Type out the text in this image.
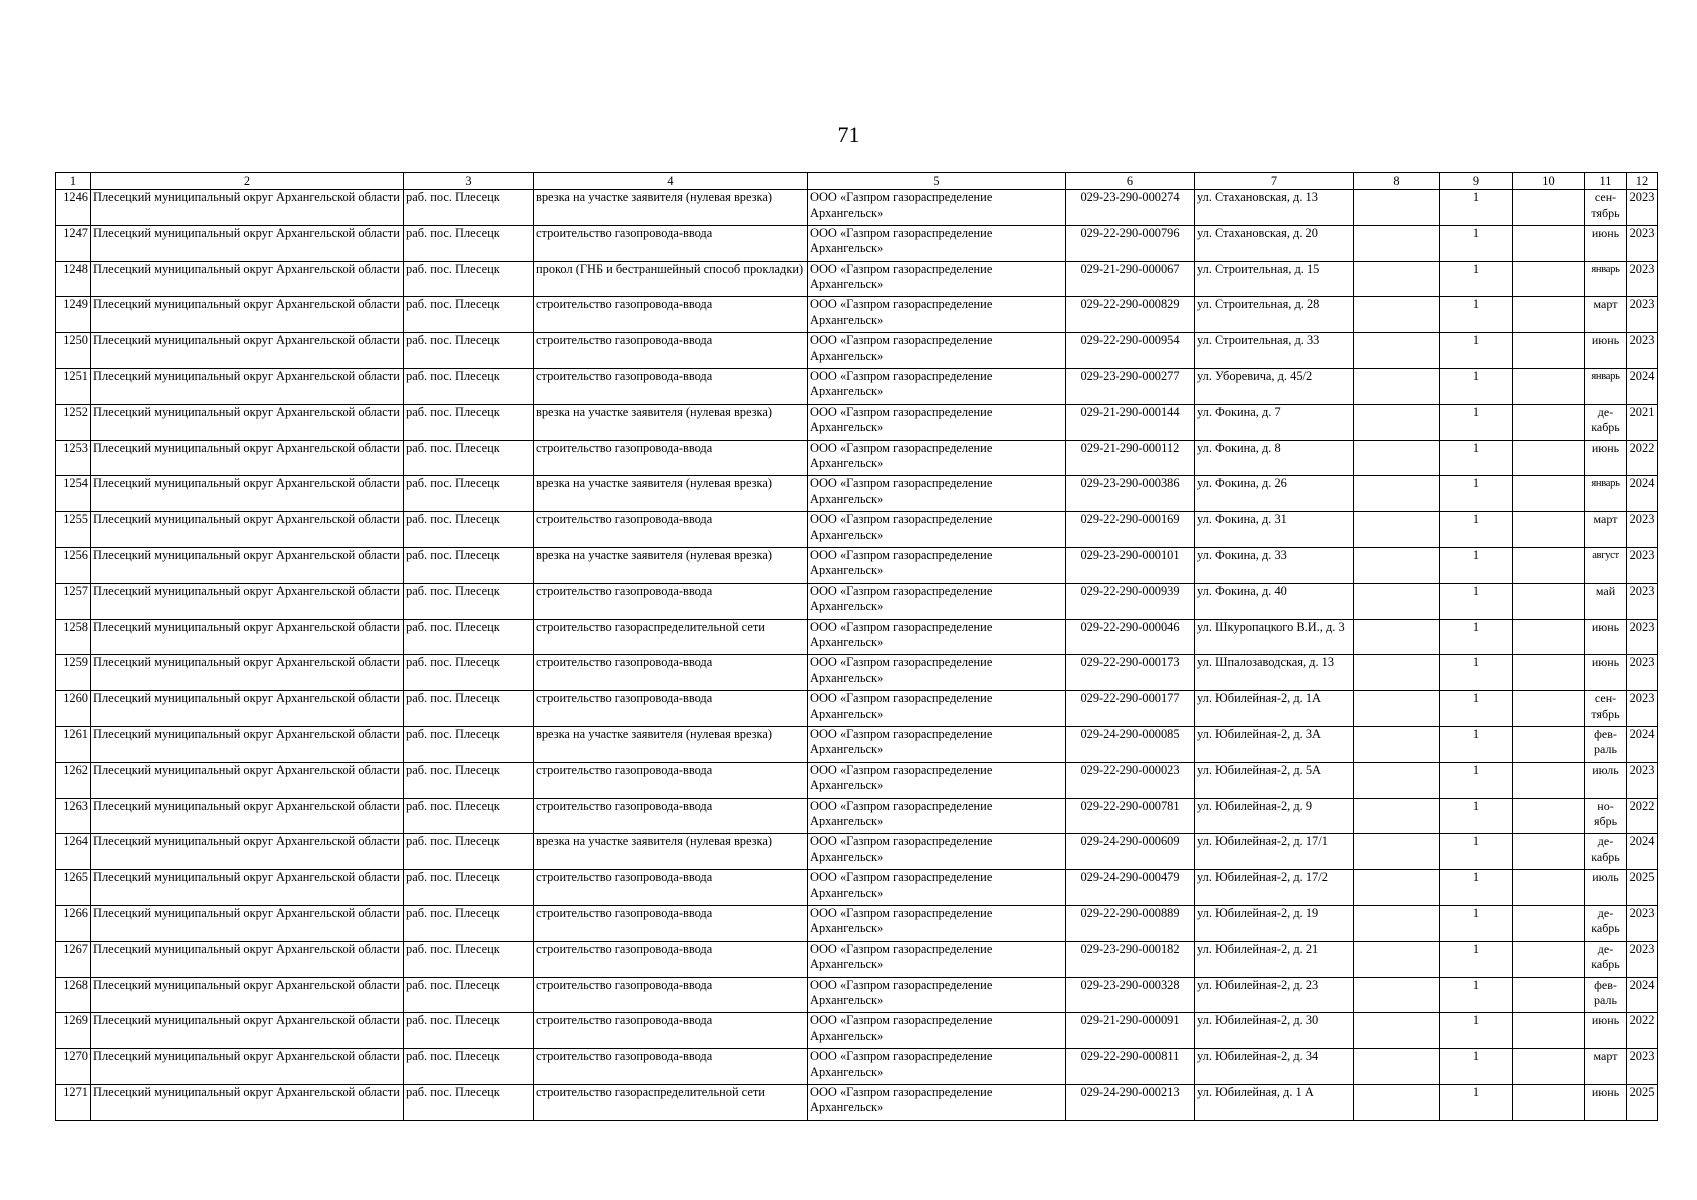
71
1	2	3	4	5	6	7	8	9	10	11	12
1246	Плесецкий муниципальный округ Архангельской области	раб. пос. Плесецк	врезка на участке заявителя (нулевая врезка)	ООО «Газпром газораспределение Архангельск»	029-23-290-000274	ул. Стахановская, д. 13		1		сен-тябрь	2023
1247	Плесецкий муниципальный округ Архангельской области	раб. пос. Плесецк	строительство газопровода-ввода	ООО «Газпром газораспределение Архангельск»	029-22-290-000796	ул. Стахановская, д. 20		1		июнь	2023
1248	Плесецкий муниципальный округ Архангельской области	раб. пос. Плесецк	прокол (ГНБ и бестраншейный способ прокладки)	ООО «Газпром газораспределение Архангельск»	029-21-290-000067	ул. Строительная, д. 15		1		январь	2023
1249	Плесецкий муниципальный округ Архангельской области	раб. пос. Плесецк	строительство газопровода-ввода	ООО «Газпром газораспределение Архангельск»	029-22-290-000829	ул. Строительная, д. 28		1		март	2023
1250	Плесецкий муниципальный округ Архангельской области	раб. пос. Плесецк	строительство газопровода-ввода	ООО «Газпром газораспределение Архангельск»	029-22-290-000954	ул. Строительная, д. 33		1		июнь	2023
1251	Плесецкий муниципальный округ Архангельской области	раб. пос. Плесецк	строительство газопровода-ввода	ООО «Газпром газораспределение Архангельск»	029-23-290-000277	ул. Уборевича, д. 45/2		1		январь	2024
1252	Плесецкий муниципальный округ Архангельской области	раб. пос. Плесецк	врезка на участке заявителя (нулевая врезка)	ООО «Газпром газораспределение Архангельск»	029-21-290-000144	ул. Фокина, д. 7		1		де-кабрь	2021
1253	Плесецкий муниципальный округ Архангельской области	раб. пос. Плесецк	строительство газопровода-ввода	ООО «Газпром газораспределение Архангельск»	029-21-290-000112	ул. Фокина, д. 8		1		июнь	2022
1254	Плесецкий муниципальный округ Архангельской области	раб. пос. Плесецк	врезка на участке заявителя (нулевая врезка)	ООО «Газпром газораспределение Архангельск»	029-23-290-000386	ул. Фокина, д. 26		1		январь	2024
1255	Плесецкий муниципальный округ Архангельской области	раб. пос. Плесецк	строительство газопровода-ввода	ООО «Газпром газораспределение Архангельск»	029-22-290-000169	ул. Фокина, д. 31		1		март	2023
1256	Плесецкий муниципальный округ Архангельской области	раб. пос. Плесецк	врезка на участке заявителя (нулевая врезка)	ООО «Газпром газораспределение Архангельск»	029-23-290-000101	ул. Фокина, д. 33		1		август	2023
1257	Плесецкий муниципальный округ Архангельской области	раб. пос. Плесецк	строительство газопровода-ввода	ООО «Газпром газораспределение Архангельск»	029-22-290-000939	ул. Фокина, д. 40		1		май	2023
1258	Плесецкий муниципальный округ Архангельской области	раб. пос. Плесецк	строительство газораспределительной сети	ООО «Газпром газораспределение Архангельск»	029-22-290-000046	ул. Шкуропацкого В.И., д. 3		1		июнь	2023
1259	Плесецкий муниципальный округ Архангельской области	раб. пос. Плесецк	строительство газопровода-ввода	ООО «Газпром газораспределение Архангельск»	029-22-290-000173	ул. Шпалозаводская, д. 13		1		июнь	2023
1260	Плесецкий муниципальный округ Архангельской области	раб. пос. Плесецк	строительство газопровода-ввода	ООО «Газпром газораспределение Архангельск»	029-22-290-000177	ул. Юбилейная-2, д. 1А		1		сен-тябрь	2023
1261	Плесецкий муниципальный округ Архангельской области	раб. пос. Плесецк	врезка на участке заявителя (нулевая врезка)	ООО «Газпром газораспределение Архангельск»	029-24-290-000085	ул. Юбилейная-2, д. 3А		1		фев-раль	2024
1262	Плесецкий муниципальный округ Архангельской области	раб. пос. Плесецк	строительство газопровода-ввода	ООО «Газпром газораспределение Архангельск»	029-22-290-000023	ул. Юбилейная-2, д. 5А		1		июль	2023
1263	Плесецкий муниципальный округ Архангельской области	раб. пос. Плесецк	строительство газопровода-ввода	ООО «Газпром газораспределение Архангельск»	029-22-290-000781	ул. Юбилейная-2, д. 9		1		но-ябрь	2022
1264	Плесецкий муниципальный округ Архангельской области	раб. пос. Плесецк	врезка на участке заявителя (нулевая врезка)	ООО «Газпром газораспределение Архангельск»	029-24-290-000609	ул. Юбилейная-2, д. 17/1		1		де-кабрь	2024
1265	Плесецкий муниципальный округ Архангельской области	раб. пос. Плесецк	строительство газопровода-ввода	ООО «Газпром газораспределение Архангельск»	029-24-290-000479	ул. Юбилейная-2, д. 17/2		1		июль	2025
1266	Плесецкий муниципальный округ Архангельской области	раб. пос. Плесецк	строительство газопровода-ввода	ООО «Газпром газораспределение Архангельск»	029-22-290-000889	ул. Юбилейная-2, д. 19		1		де-кабрь	2023
1267	Плесецкий муниципальный округ Архангельской области	раб. пос. Плесецк	строительство газопровода-ввода	ООО «Газпром газораспределение Архангельск»	029-23-290-000182	ул. Юбилейная-2, д. 21		1		де-кабрь	2023
1268	Плесецкий муниципальный округ Архангельской области	раб. пос. Плесецк	строительство газопровода-ввода	ООО «Газпром газораспределение Архангельск»	029-23-290-000328	ул. Юбилейная-2, д. 23		1		фев-раль	2024
1269	Плесецкий муниципальный округ Архангельской области	раб. пос. Плесецк	строительство газопровода-ввода	ООО «Газпром газораспределение Архангельск»	029-21-290-000091	ул. Юбилейная-2, д. 30		1		июнь	2022
1270	Плесецкий муниципальный округ Архангельской области	раб. пос. Плесецк	строительство газопровода-ввода	ООО «Газпром газораспределение Архангельск»	029-22-290-000811	ул. Юбилейная-2, д. 34		1		март	2023
1271	Плесецкий муниципальный округ Архангельской области	раб. пос. Плесецк	строительство газораспределительной сети	ООО «Газпром газораспределение Архангельск»	029-24-290-000213	ул. Юбилейная, д. 1 А		1		июнь	2025
